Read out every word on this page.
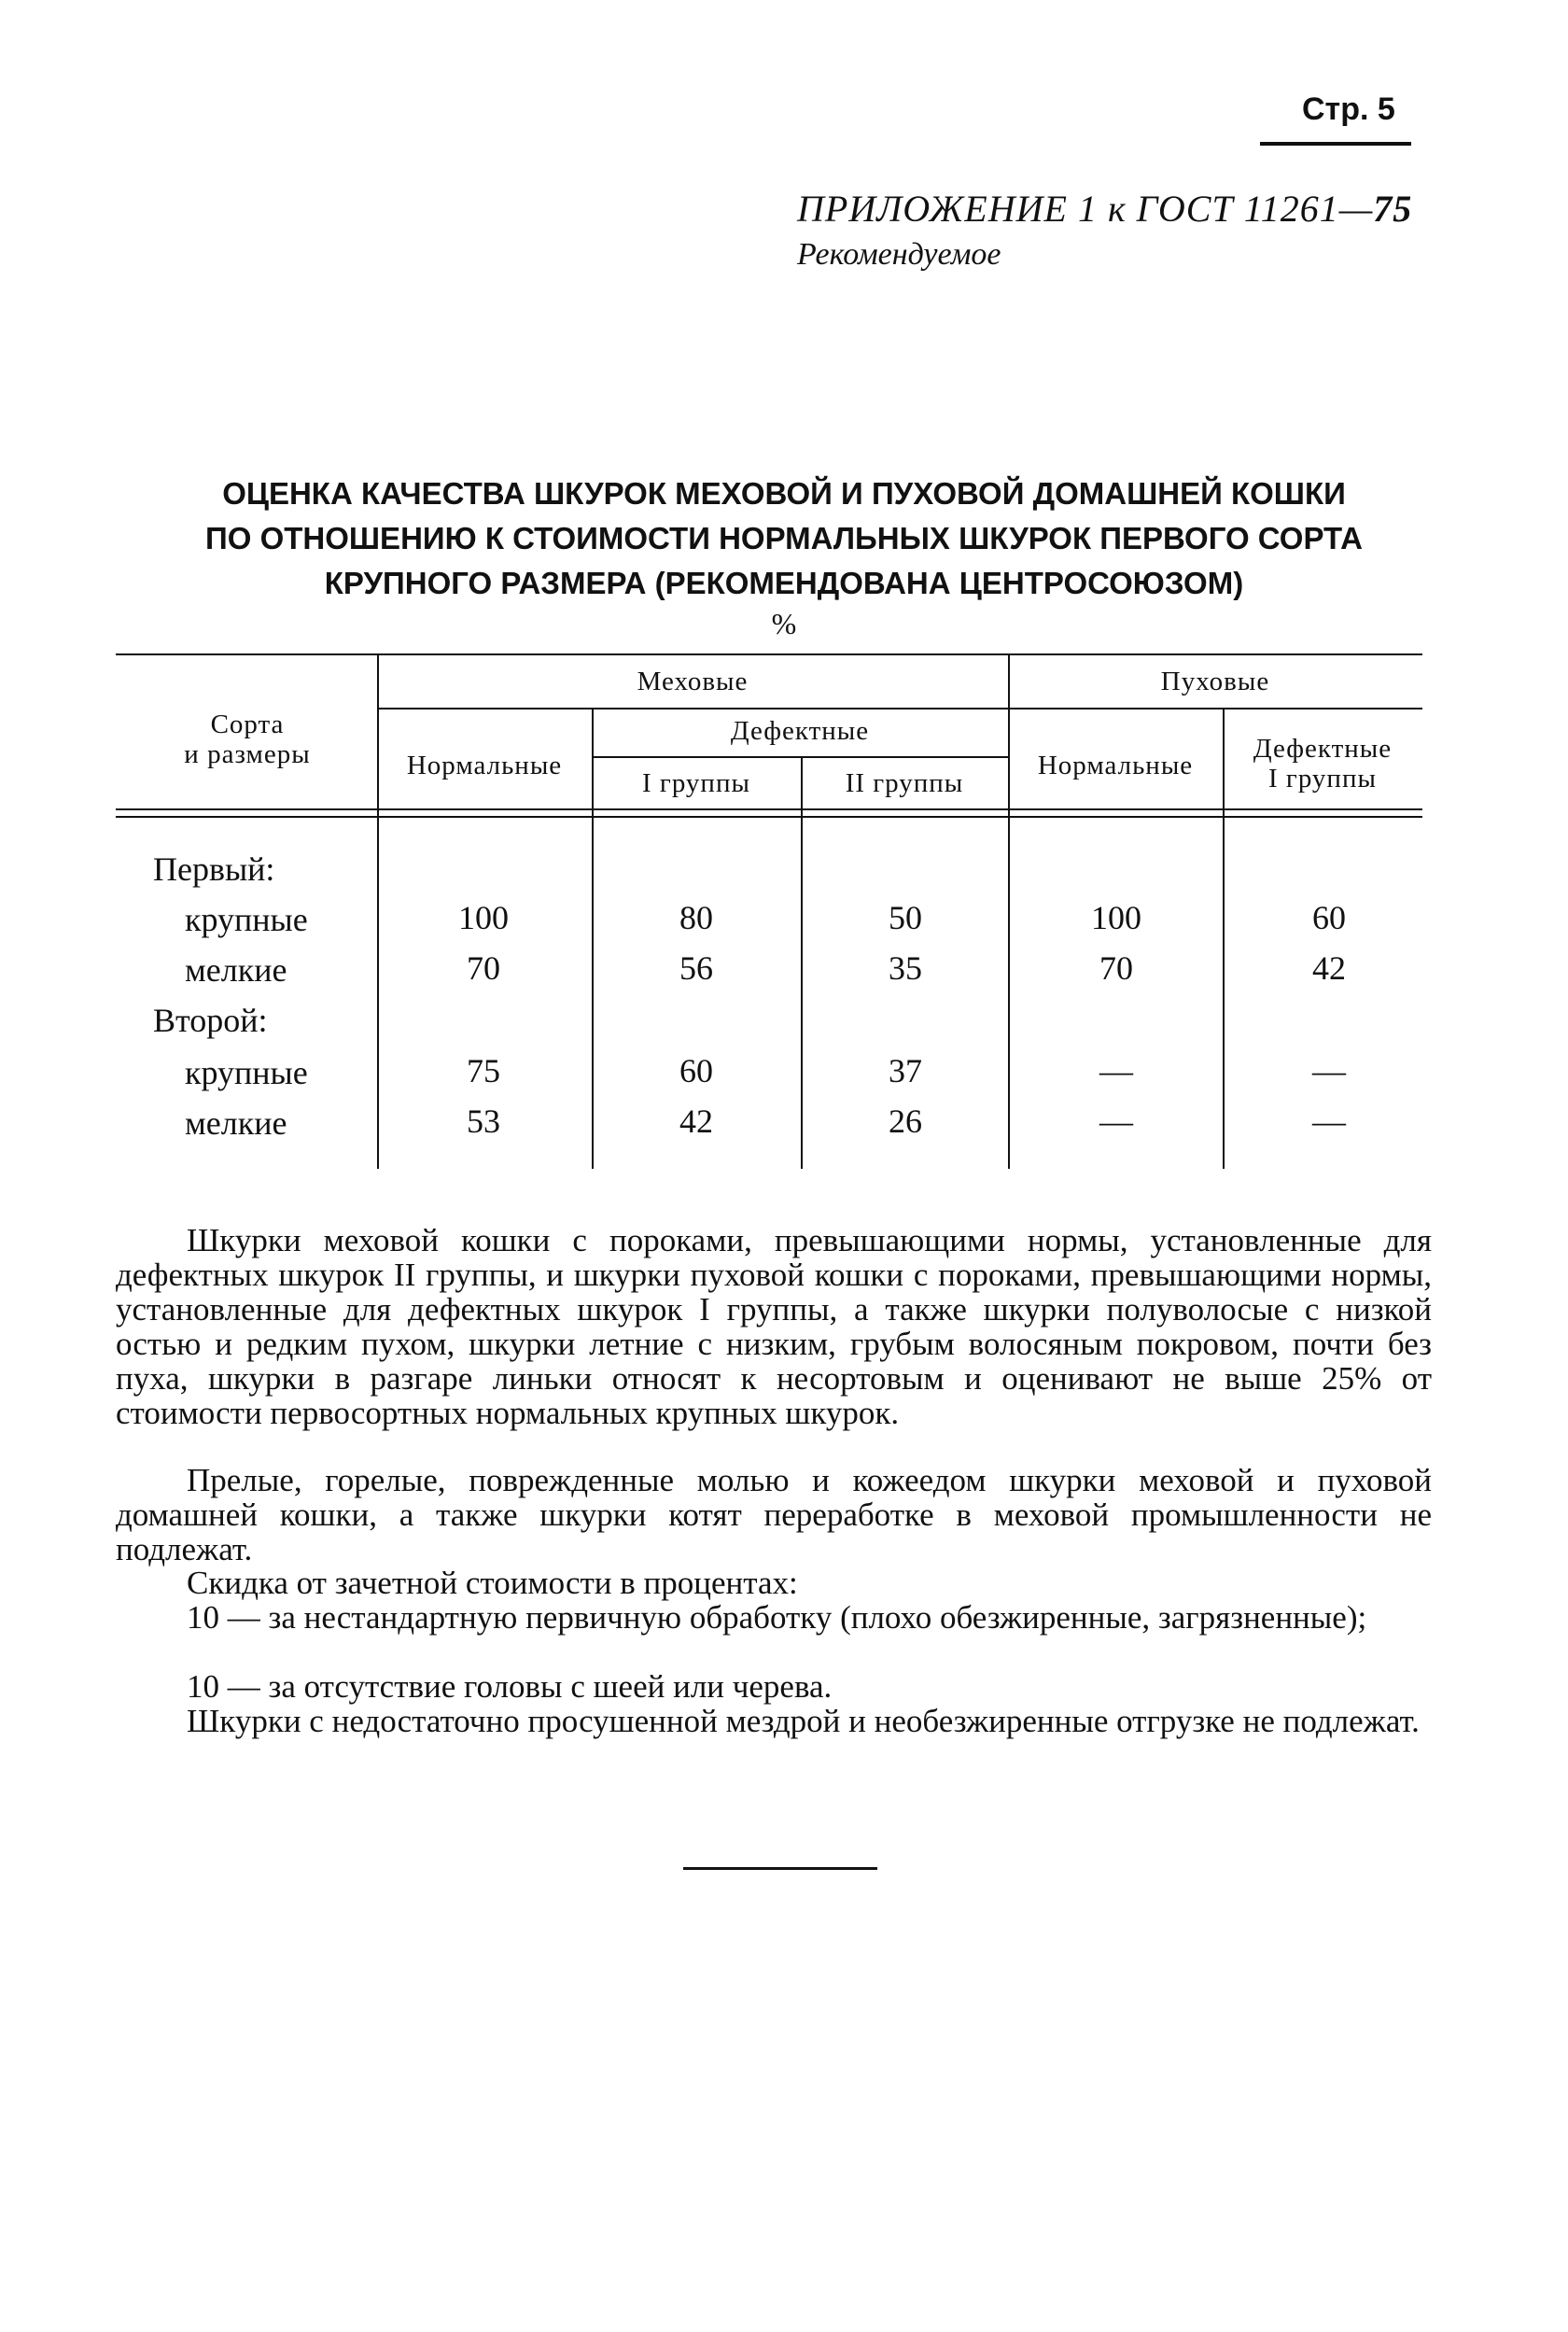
Стр. 5
ПРИЛОЖЕНИЕ 1 к ГОСТ 11261—75
Рекомендуемое
ОЦЕНКА КАЧЕСТВА ШКУРОК МЕХОВОЙ И ПУХОВОЙ ДОМАШНЕЙ КОШКИ
ПО ОТНОШЕНИЮ К СТОИМОСТИ НОРМАЛЬНЫХ ШКУРОК ПЕРВОГО СОРТА
КРУПНОГО РАЗМЕРА (РЕКОМЕНДОВАНА ЦЕНТРОСОЮЗОМ)
%
Сорта
и размеры
Меховые	Пуховые
Нормальные
Дефектные
I группы	II группы
Нормальные
Дефектные
I группы
Первый:
крупные	100	80	50	100	60
мелкие	70	56	35	70	42
Второй:
крупные	75	60	37	—	—
мелкие	53	42	26	—	—
Шкурки меховой кошки с пороками, превышающими нормы, установленные для дефектных шкурок II группы, и шкурки пуховой кошки с пороками, превышающими нормы, установленные для дефектных шкурок I группы, а также шкурки полуволосые с низкой остью и редким пухом, шкурки летние с низким, грубым волосяным покровом, почти без пуха, шкурки в разгаре линьки относят к несортовым и оценивают не выше 25% от стоимости первосортных нормальных крупных шкурок.
Прелые, горелые, поврежденные молью и кожеедом шкурки меховой и пуховой домашней кошки, а также шкурки котят переработке в меховой промышленности не подлежат.
Скидка от зачетной стоимости в процентах:
10 — за нестандартную первичную обработку (плохо обезжиренные, загрязненные);
10 — за отсутствие головы с шеей или черева.
Шкурки с недостаточно просушенной мездрой и необезжиренные отгрузке не подлежат.
